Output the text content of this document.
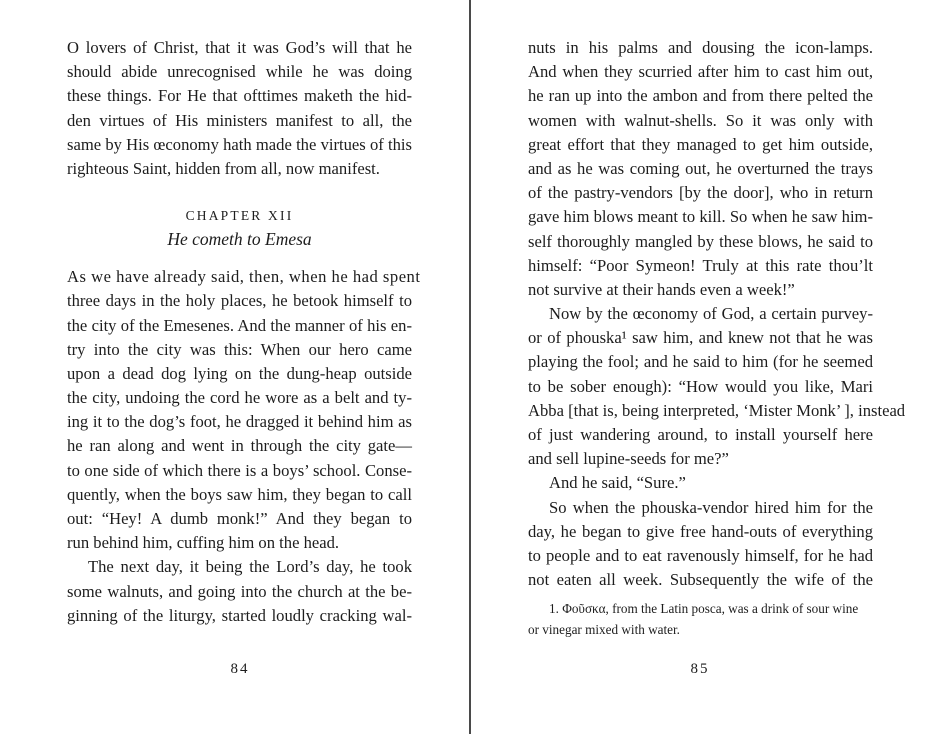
O lovers of Christ, that it was God’s will that he
should abide unrecognised while he was doing
these things. For He that ofttimes maketh the hid-
den virtues of His ministers manifest to all, the
same by His œconomy hath made the virtues of this
righteous Saint, hidden from all, now manifest.
CHAPTER XII
He cometh to Emesa
As we have already said, then, when he had spent
three days in the holy places, he betook himself to
the city of the Emesenes. And the manner of his en-
try into the city was this: When our hero came
upon a dead dog lying on the dung-heap outside
the city, undoing the cord he wore as a belt and ty-
ing it to the dog’s foot, he dragged it behind him as
he ran along and went in through the city gate—
to one side of which there is a boys’ school. Conse-
quently, when the boys saw him, they began to call
out: “Hey! A dumb monk!” And they began to
run behind him, cuffing him on the head.
The next day, it being the Lord’s day, he took
some walnuts, and going into the church at the be-
ginning of the liturgy, started loudly cracking wal-
nuts in his palms and dousing the icon-lamps.
And when they scurried after him to cast him out,
he ran up into the ambon and from there pelted the
women with walnut-shells. So it was only with
great effort that they managed to get him outside,
and as he was coming out, he overturned the trays
of the pastry-vendors [by the door], who in return
gave him blows meant to kill. So when he saw him-
self thoroughly mangled by these blows, he said to
himself: “Poor Symeon! Truly at this rate thou’lt
not survive at their hands even a week!”
Now by the œconomy of God, a certain purvey-
or of phouska¹ saw him, and knew not that he was
playing the fool; and he said to him (for he seemed
to be sober enough): “How would you like, Mari
Abba [that is, being interpreted, ‘Mister Monk’ ], instead
of just wandering around, to install yourself here
and sell lupine-seeds for me?”
And he said, “Sure.”
So when the phouska-vendor hired him for the
day, he began to give free hand-outs of everything
to people and to eat ravenously himself, for he had
not eaten all week. Subsequently the wife of the
1. Φοῦσκα, from the Latin posca, was a drink of sour wine
or vinegar mixed with water.
84	85
